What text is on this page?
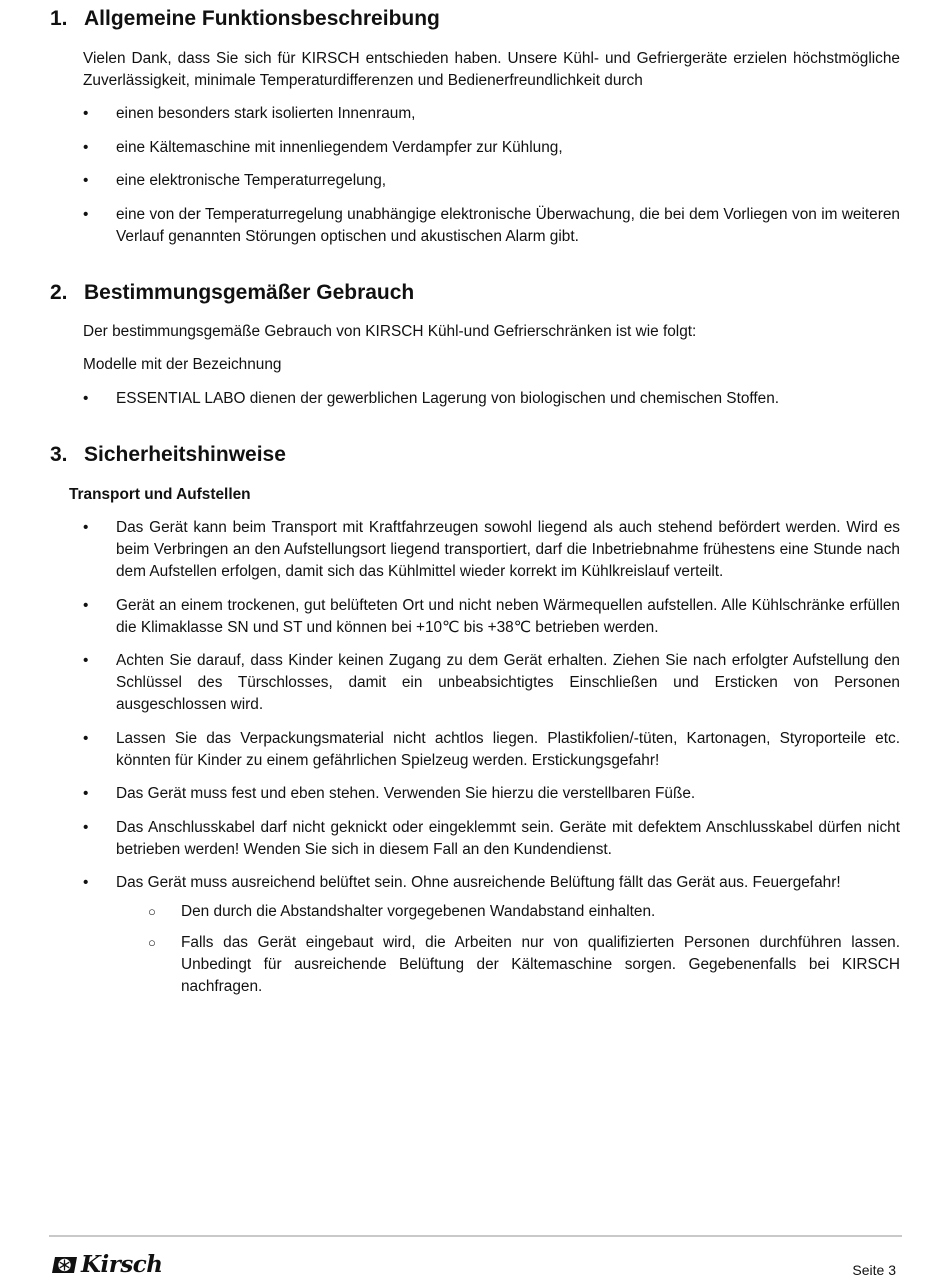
1. Allgemeine Funktionsbeschreibung

Vielen Dank, dass Sie sich für KIRSCH entschieden haben. Unsere Kühl- und Gefriergeräte erzielen höchstmögliche Zuverlässigkeit, minimale Temperaturdifferenzen und Bedienerfreundlichkeit durch

• einen besonders stark isolierten Innenraum,
• eine Kältemaschine mit innenliegendem Verdampfer zur Kühlung,
• eine elektronische Temperaturregelung,
• eine von der Temperaturregelung unabhängige elektronische Überwachung, die bei dem Vorliegen von im weiteren Verlauf genannten Störungen optischen und akustischen Alarm gibt.
2. Bestimmungsgemäßer Gebrauch

Der bestimmungsgemäße Gebrauch von KIRSCH Kühl-und Gefrierschränken ist wie folgt:

Modelle mit der Bezeichnung

• ESSENTIAL LABO dienen der gewerblichen Lagerung von biologischen und chemischen Stoffen.
3. Sicherheitshinweise
Transport und Aufstellen
• Das Gerät kann beim Transport mit Kraftfahrzeugen sowohl liegend als auch stehend befördert werden. Wird es beim Verbringen an den Aufstellungsort liegend transportiert, darf die Inbetriebnahme frühestens eine Stunde nach dem Aufstellen erfolgen, damit sich das Kühlmittel wieder korrekt im Kühlkreislauf verteilt.
• Gerät an einem trockenen, gut belüfteten Ort und nicht neben Wärmequellen aufstellen. Alle Kühlschränke erfüllen die Klimaklasse SN und ST und können bei +10℃ bis +38℃ betrieben werden.
• Achten Sie darauf, dass Kinder keinen Zugang zu dem Gerät erhalten. Ziehen Sie nach erfolgter Aufstellung den Schlüssel des Türschlosses, damit ein unbeabsichtigtes Einschließen und Ersticken von Personen ausgeschlossen wird.
• Lassen Sie das Verpackungsmaterial nicht achtlos liegen. Plastikfolien/-tüten, Kartonagen, Styroporteile etc. könnten für Kinder zu einem gefährlichen Spielzeug werden. Erstickungsgefahr!
• Das Gerät muss fest und eben stehen. Verwenden Sie hierzu die verstellbaren Füße.
• Das Anschlusskabel darf nicht geknickt oder eingeklemmt sein. Geräte mit defektem Anschlusskabel dürfen nicht betrieben werden! Wenden Sie sich in diesem Fall an den Kundendienst.
• Das Gerät muss ausreichend belüftet sein. Ohne ausreichende Belüftung fällt das Gerät aus. Feuergefahr!
○ Den durch die Abstandshalter vorgegebenen Wandabstand einhalten.
○ Falls das Gerät eingebaut wird, die Arbeiten nur von qualifizierten Personen durchführen lassen. Unbedingt für ausreichende Belüftung der Kältemaschine sorgen. Gegebenenfalls bei KIRSCH nachfragen.
Kirsch	Seite 3
